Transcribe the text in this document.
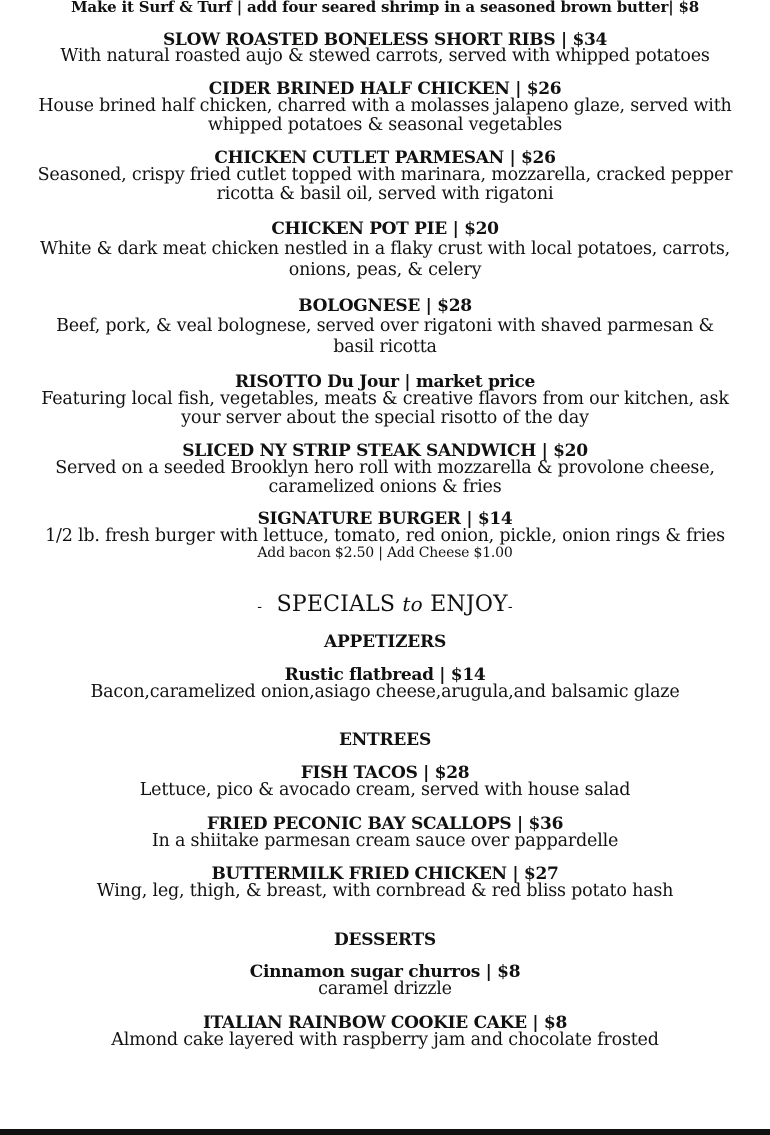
Make it Surf & Turf | add four seared shrimp in a seasoned brown butter| $8
SLOW ROASTED BONELESS SHORT RIBS | $34
With natural roasted aujo & stewed carrots, served with whipped potatoes
CIDER BRINED HALF CHICKEN | $26
House brined half chicken, charred with a molasses jalapeno glaze, served with
whipped potatoes & seasonal vegetables
CHICKEN CUTLET PARMESAN | $26
Seasoned, crispy fried cutlet topped with marinara, mozzarella, cracked pepper
ricotta & basil oil, served with rigatoni
CHICKEN POT PIE | $20
White & dark meat chicken nestled in a flaky crust with local potatoes, carrots,
onions, peas, & celery
BOLOGNESE | $28
Beef, pork, & veal bolognese, served over rigatoni with shaved parmesan &
basil ricotta
RISOTTO Du Jour | market price
Featuring local fish, vegetables, meats & creative flavors from our kitchen, ask
your server about the special risotto of the day
SLICED NY STRIP STEAK SANDWICH | $20
Served on a seeded Brooklyn hero roll with mozzarella & provolone cheese,
caramelized onions & fries
SIGNATURE BURGER | $14
1/2 lb. fresh burger with lettuce, tomato, red onion, pickle, onion rings & fries
Add bacon $2.50 | Add Cheese $1.00
- SPECIALS to ENJOY-
APPETIZERS
Rustic flatbread | $14
Bacon,caramelized onion,asiago cheese,arugula,and balsamic glaze
ENTREES
FISH TACOS | $28
Lettuce, pico & avocado cream, served with house salad
FRIED PECONIC BAY SCALLOPS | $36
In a shiitake parmesan cream sauce over pappardelle
BUTTERMILK FRIED CHICKEN | $27
Wing, leg, thigh, & breast, with cornbread & red bliss potato hash
DESSERTS
Cinnamon sugar churros | $8
caramel drizzle
ITALIAN RAINBOW COOKIE CAKE | $8
Almond cake layered with raspberry jam and chocolate frosted
